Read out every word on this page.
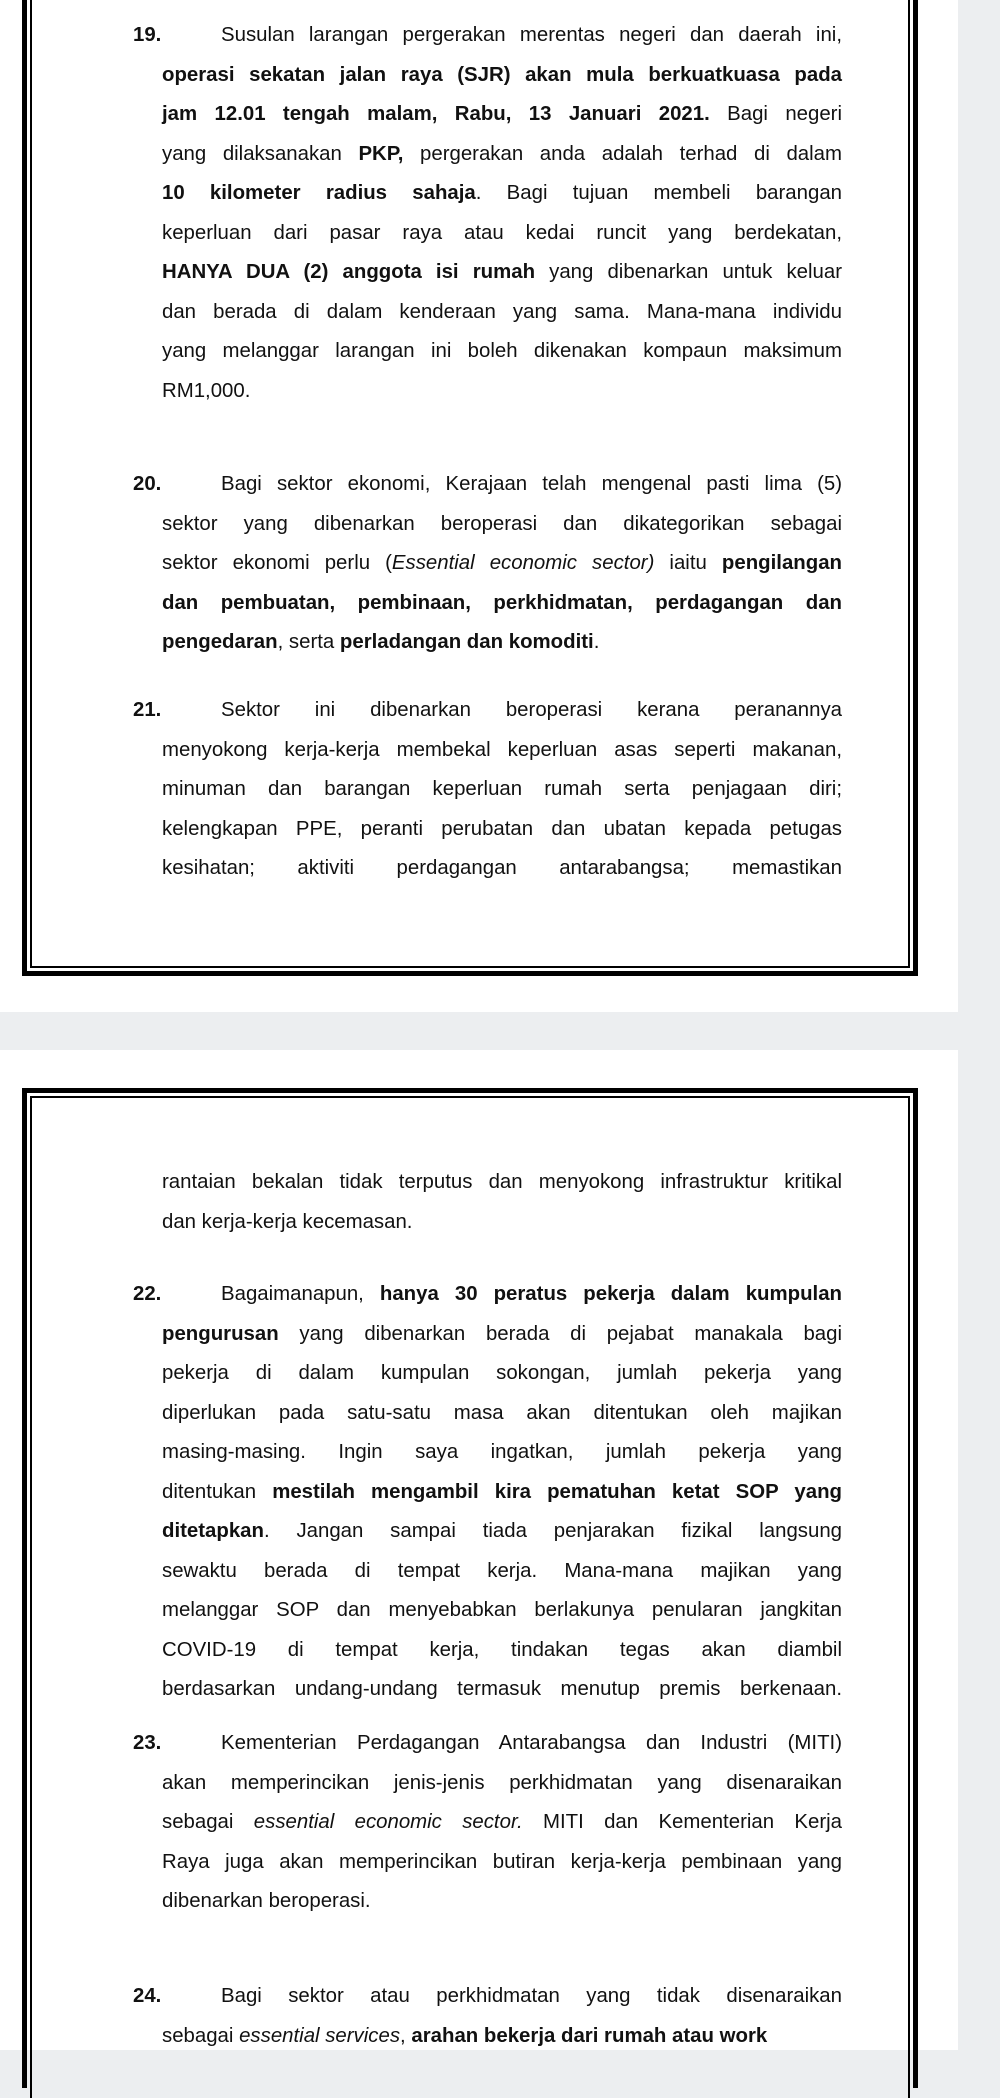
19.	Susulan larangan pergerakan merentas negeri dan daerah ini,
operasi sekatan jalan raya (SJR) akan mula berkuatkuasa pada
jam 12.01 tengah malam, Rabu, 13 Januari 2021. Bagi negeri
yang dilaksanakan PKP, pergerakan anda adalah terhad di dalam
10 kilometer radius sahaja. Bagi tujuan membeli barangan
keperluan dari pasar raya atau kedai runcit yang berdekatan,
HANYA DUA (2) anggota isi rumah yang dibenarkan untuk keluar
dan berada di dalam kenderaan yang sama. Mana-mana individu
yang melanggar larangan ini boleh dikenakan kompaun maksimum
RM1,000.
20.	Bagi sektor ekonomi, Kerajaan telah mengenal pasti lima (5)
sektor yang dibenarkan beroperasi dan dikategorikan sebagai
sektor ekonomi perlu (Essential economic sector) iaitu pengilangan
dan pembuatan, pembinaan, perkhidmatan, perdagangan dan
pengedaran, serta perladangan dan komoditi.
21.	Sektor ini dibenarkan beroperasi kerana peranannya
menyokong kerja-kerja membekal keperluan asas seperti makanan,
minuman dan barangan keperluan rumah serta penjagaan diri;
kelengkapan PPE, peranti perubatan dan ubatan kepada petugas
kesihatan; aktiviti perdagangan antarabangsa; memastikan
rantaian bekalan tidak terputus dan menyokong infrastruktur kritikal
dan kerja-kerja kecemasan.
22.	Bagaimanapun, hanya 30 peratus pekerja dalam kumpulan
pengurusan yang dibenarkan berada di pejabat manakala bagi
pekerja di dalam kumpulan sokongan, jumlah pekerja yang
diperlukan pada satu-satu masa akan ditentukan oleh majikan
masing-masing. Ingin saya ingatkan, jumlah pekerja yang
ditentukan mestilah mengambil kira pematuhan ketat SOP yang
ditetapkan. Jangan sampai tiada penjarakan fizikal langsung
sewaktu berada di tempat kerja. Mana-mana majikan yang
melanggar SOP dan menyebabkan berlakunya penularan jangkitan
COVID-19 di tempat kerja, tindakan tegas akan diambil
berdasarkan undang-undang termasuk menutup premis berkenaan.
23.	Kementerian Perdagangan Antarabangsa dan Industri (MITI)
akan memperincikan jenis-jenis perkhidmatan yang disenaraikan
sebagai essential economic sector. MITI dan Kementerian Kerja
Raya juga akan memperincikan butiran kerja-kerja pembinaan yang
dibenarkan beroperasi.
24.	Bagi sektor atau perkhidmatan yang tidak disenaraikan
sebagai essential services, arahan bekerja dari rumah atau work
